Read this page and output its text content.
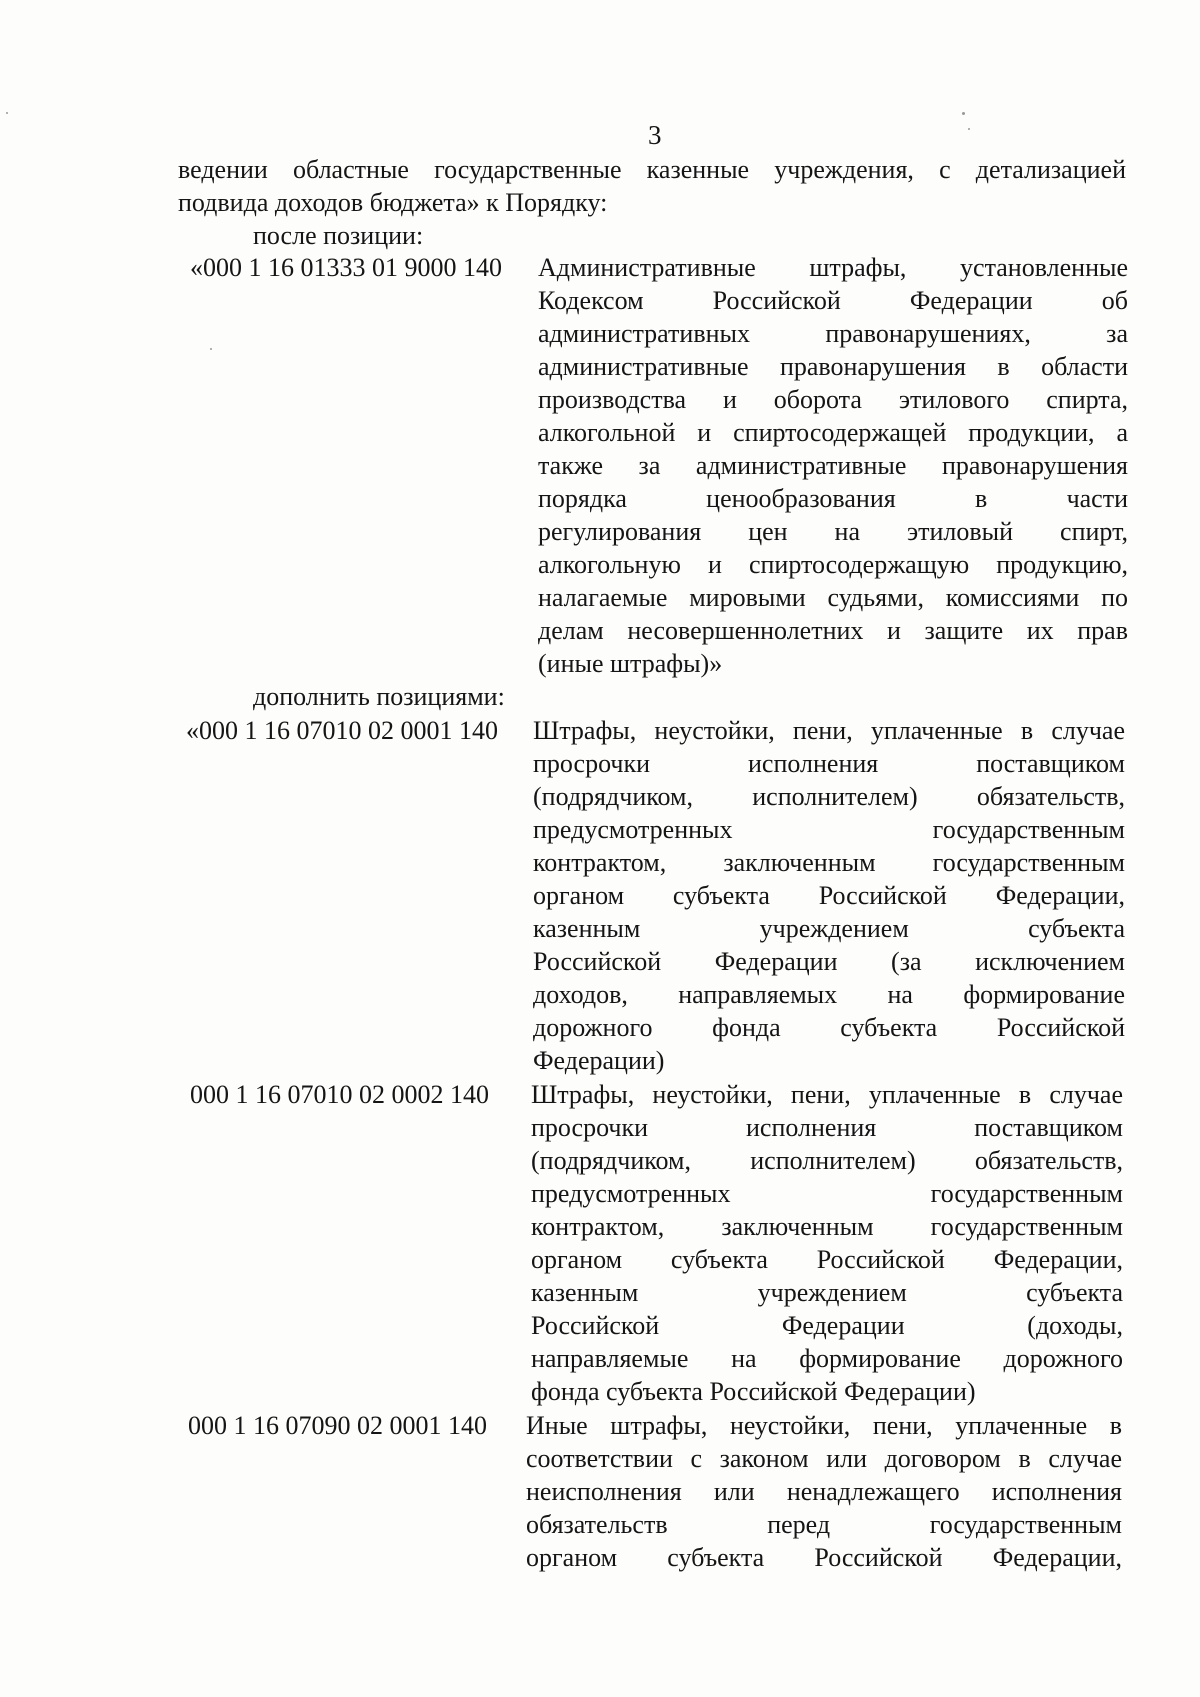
3
ведении областные государственные казенные учреждения, с детализацией
подвида доходов бюджета» к Порядку:
после позиции:
«000 1 16 01333 01 9000 140 Административные штрафы, установленные
Кодексом Российской Федерации об
административных правонарушениях, за
административные правонарушения в области
производства и оборота этилового спирта,
алкогольной и спиртосодержащей продукции, а
также за административные правонарушения
порядка ценообразования в части
регулирования цен на этиловый спирт,
алкогольную и спиртосодержащую продукцию,
налагаемые мировыми судьями, комиссиями по
делам несовершеннолетних и защите их прав
(иные штрафы)»
дополнить позициями:
«000 1 16 07010 02 0001 140 Штрафы, неустойки, пени, уплаченные в случае
просрочки исполнения поставщиком
(подрядчиком, исполнителем) обязательств,
предусмотренных государственным
контрактом, заключенным государственным
органом субъекта Российской Федерации,
казенным учреждением субъекта
Российской Федерации (за исключением
доходов, направляемых на формирование
дорожного фонда субъекта Российской
Федерации)
000 1 16 07010 02 0002 140 Штрафы, неустойки, пени, уплаченные в случае
просрочки исполнения поставщиком
(подрядчиком, исполнителем) обязательств,
предусмотренных государственным
контрактом, заключенным государственным
органом субъекта Российской Федерации,
казенным учреждением субъекта
Российской Федерации (доходы,
направляемые на формирование дорожного
фонда субъекта Российской Федерации)
000 1 16 07090 02 0001 140 Иные штрафы, неустойки, пени, уплаченные в
соответствии с законом или договором в случае
неисполнения или ненадлежащего исполнения
обязательств перед государственным
органом субъекта Российской Федерации,
